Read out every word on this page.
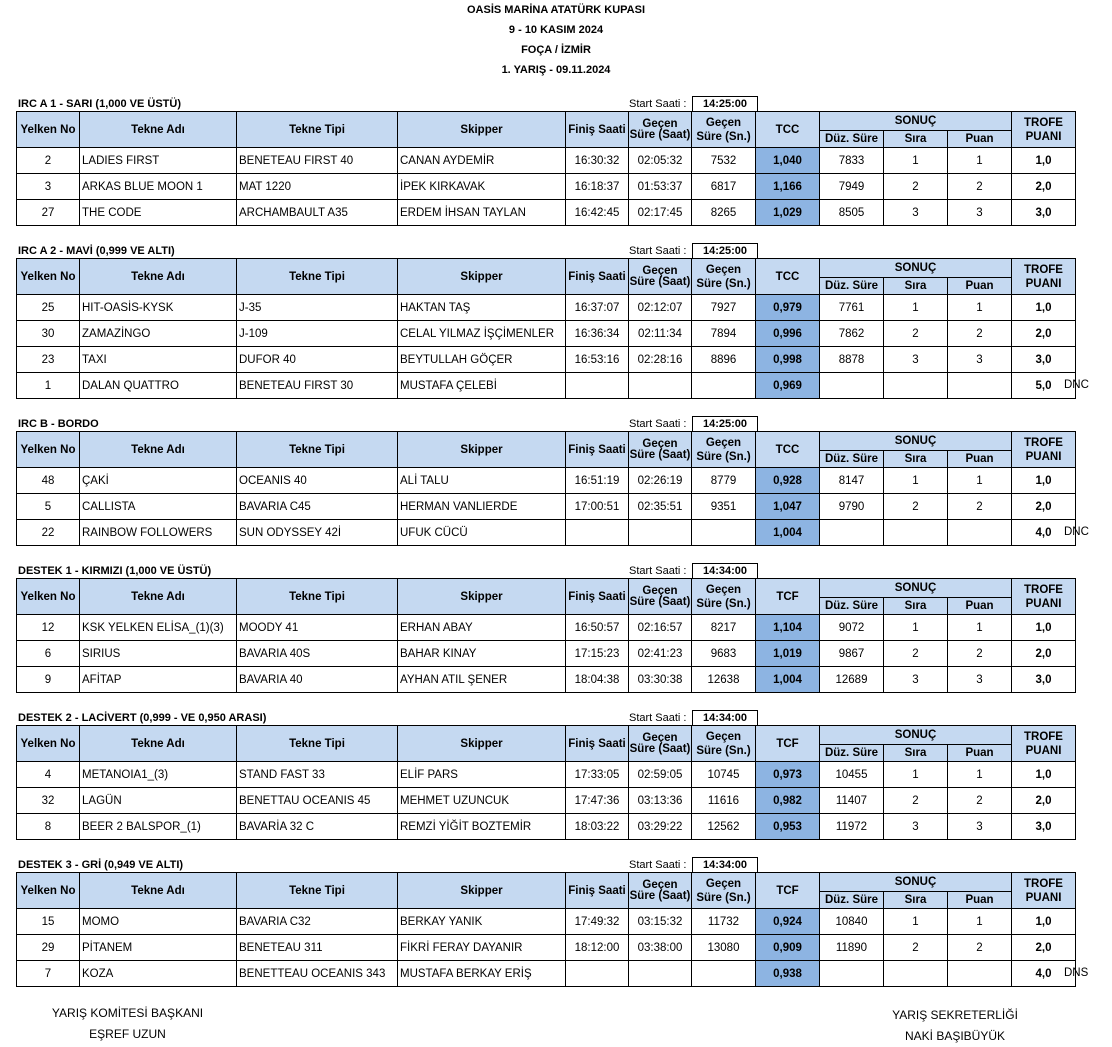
OASİS MARİNA ATATÜRK KUPASI
9 - 10 KASIM 2024
FOÇA / İZMİR
1. YARIŞ - 09.11.2024
IRC A 1 - SARI (1,000 VE ÜSTÜ)	Start Saati :	14:25:00
Yelken No	Tekne Adı	Tekne Tipi	Skipper	Finiş Saati	Geçen Süre (Saat)	Geçen Süre (Sn.)	TCC	SONUÇ			TROFE PUANI
								Düz. Süre	Sıra	Puan	
2	LADIES FIRST	BENETEAU FIRST 40	CANAN AYDEMİR	16:30:32	02:05:32	7532	1,040	7833	1	1	1,0
3	ARKAS BLUE MOON 1	MAT 1220	İPEK KIRKAVAK	16:18:37	01:53:37	6817	1,166	7949	2	2	2,0
27	THE CODE	ARCHAMBAULT A35	ERDEM İHSAN TAYLAN	16:42:45	02:17:45	8265	1,029	8505	3	3	3,0
IRC A 2 - MAVİ (0,999 VE ALTI)	Start Saati :	14:25:00
Yelken No	Tekne Adı	Tekne Tipi	Skipper	Finiş Saati	Geçen Süre (Saat)	Geçen Süre (Sn.)	TCC	SONUÇ			TROFE PUANI
								Düz. Süre	Sıra	Puan	
25	HIT-OASİS-KYSK	J-35	HAKTAN TAŞ	16:37:07	02:12:07	7927	0,979	7761	1	1	1,0
30	ZAMAZİNGO	J-109	CELAL YILMAZ İŞÇİMENLER	16:36:34	02:11:34	7894	0,996	7862	2	2	2,0
23	TAXI	DUFOR 40	BEYTULLAH GÖÇER	16:53:16	02:28:16	8896	0,998	8878	3	3	3,0
1	DALAN QUATTRO	BENETEAU FIRST 30	MUSTAFA ÇELEBİ				0,969				5,0 DNC
IRC B - BORDO	Start Saati :	14:25:00
Yelken No	Tekne Adı	Tekne Tipi	Skipper	Finiş Saati	Geçen Süre (Saat)	Geçen Süre (Sn.)	TCC	SONUÇ			TROFE PUANI
								Düz. Süre	Sıra	Puan	
48	ÇAKİ	OCEANIS 40	ALİ TALU	16:51:19	02:26:19	8779	0,928	8147	1	1	1,0
5	CALLISTA	BAVARIA C45	HERMAN VANLIERDE	17:00:51	02:35:51	9351	1,047	9790	2	2	2,0
22	RAINBOW FOLLOWERS	SUN ODYSSEY 42İ	UFUK CÜCÜ				1,004				4,0 DNC
DESTEK 1 - KIRMIZI (1,000 VE ÜSTÜ)	Start Saati :	14:34:00
Yelken No	Tekne Adı	Tekne Tipi	Skipper	Finiş Saati	Geçen Süre (Saat)	Geçen Süre (Sn.)	TCF	SONUÇ			TROFE PUANI
								Düz. Süre	Sıra	Puan	
12	KSK YELKEN ELİSA_(1)(3)	MOODY 41	ERHAN ABAY	16:50:57	02:16:57	8217	1,104	9072	1	1	1,0
6	SIRIUS	BAVARIA 40S	BAHAR KINAY	17:15:23	02:41:23	9683	1,019	9867	2	2	2,0
9	AFİTAP	BAVARIA 40	AYHAN ATIL ŞENER	18:04:38	03:30:38	12638	1,004	12689	3	3	3,0
DESTEK 2 - LACİVERT (0,999 - VE 0,950 ARASI)	Start Saati :	14:34:00
Yelken No	Tekne Adı	Tekne Tipi	Skipper	Finiş Saati	Geçen Süre (Saat)	Geçen Süre (Sn.)	TCF	SONUÇ			TROFE PUANI
								Düz. Süre	Sıra	Puan	
4	METANOIA1_(3)	STAND FAST 33	ELİF PARS	17:33:05	02:59:05	10745	0,973	10455	1	1	1,0
32	LAGÜN	BENETTAU OCEANIS 45	MEHMET UZUNCUK	17:47:36	03:13:36	11616	0,982	11407	2	2	2,0
8	BEER 2 BALSPOR_(1)	BAVARİA 32 C	REMZİ YİĞİT BOZTEMİR	18:03:22	03:29:22	12562	0,953	11972	3	3	3,0
DESTEK 3 - GRİ (0,949 VE ALTI)	Start Saati :	14:34:00
Yelken No	Tekne Adı	Tekne Tipi	Skipper	Finiş Saati	Geçen Süre (Saat)	Geçen Süre (Sn.)	TCF	SONUÇ			TROFE PUANI
								Düz. Süre	Sıra	Puan	
15	MOMO	BAVARIA C32	BERKAY YANIK	17:49:32	03:15:32	11732	0,924	10840	1	1	1,0
29	PİTANEM	BENETEAU 311	FİKRİ FERAY DAYANIR	18:12:00	03:38:00	13080	0,909	11890	2	2	2,0
7	KOZA	BENETTEAU OCEANIS 343	MUSTAFA BERKAY ERİŞ				0,938				4,0 DNS
YARIŞ KOMİTESİ BAŞKANI
EŞREF UZUN
YARIŞ SEKRETERLİĞİ
NAKİ BAŞIBÜYÜK
